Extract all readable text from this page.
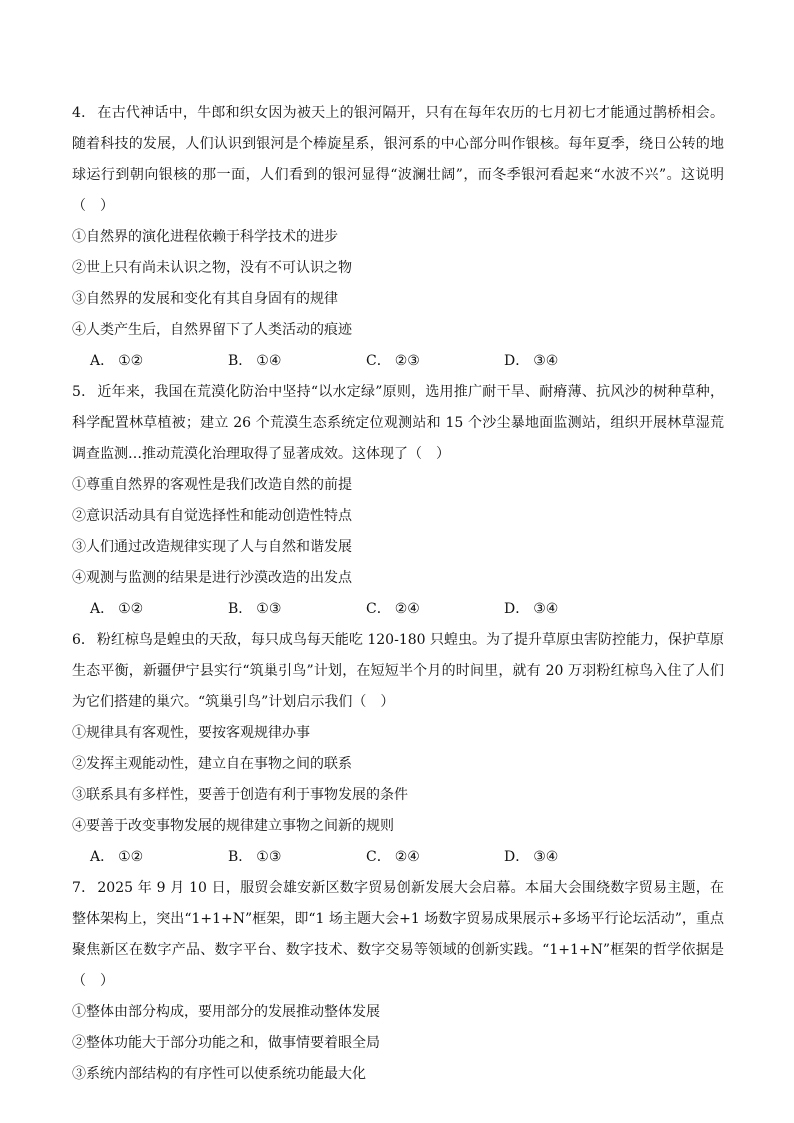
4． 在古代神话中，牛郎和织女因为被天上的银河隔开，只有在每年农历的七月初七才能通过鹊桥相会。随着科技的发展，人们认识到银河是个棒旋星系，银河系的中心部分叫作银核。每年夏季，绕日公转的地球运行到朝向银核的那一面，人们看到的银河显得“波澜壮阔”，而冬季银河看起来“水波不兴”。这说明（　）

①自然界的演化进程依赖于科学技术的进步

②世上只有尚未认识之物，没有不可认识之物

③自然界的发展和变化有其自身固有的规律

④人类产生后，自然界留下了人类活动的痕迹

A． ①②	B． ①④	C． ②③	D． ③④

5． 近年来，我国在荒漠化防治中坚持“以水定绿”原则，选用推广耐干旱、耐瘠薄、抗风沙的树种草种，科学配置林草植被；建立 26 个荒漠生态系统定位观测站和 15 个沙尘暴地面监测站，组织开展林草湿荒调查监测…推动荒漠化治理取得了显著成效。这体现了（　）

①尊重自然界的客观性是我们改造自然的前提

②意识活动具有自觉选择性和能动创造性特点

③人们通过改造规律实现了人与自然和谐发展

④观测与监测的结果是进行沙漠改造的出发点

A． ①②	B． ①③	C． ②④	D． ③④

6． 粉红椋鸟是蝗虫的天敌，每只成鸟每天能吃 120-180 只蝗虫。为了提升草原虫害防控能力，保护草原生态平衡，新疆伊宁县实行“筑巢引鸟”计划，在短短半个月的时间里，就有 20 万羽粉红椋鸟入住了人们为它们搭建的巢穴。“筑巢引鸟”计划启示我们（　）

①规律具有客观性，要按客观规律办事

②发挥主观能动性，建立自在事物之间的联系

③联系具有多样性，要善于创造有利于事物发展的条件

④要善于改变事物发展的规律建立事物之间新的规则

A． ①②	B． ①③	C． ②④	D． ③④

7． 2025 年 9 月 10 日，服贸会雄安新区数字贸易创新发展大会启幕。本届大会围绕数字贸易主题，在整体架构上，突出“1+1+N”框架，即“1 场主题大会+1 场数字贸易成果展示+多场平行论坛活动”，重点聚焦新区在数字产品、数字平台、数字技术、数字交易等领域的创新实践。“1+1+N”框架的哲学依据是（　）

①整体由部分构成，要用部分的发展推动整体发展

②整体功能大于部分功能之和，做事情要着眼全局

③系统内部结构的有序性可以使系统功能最大化
